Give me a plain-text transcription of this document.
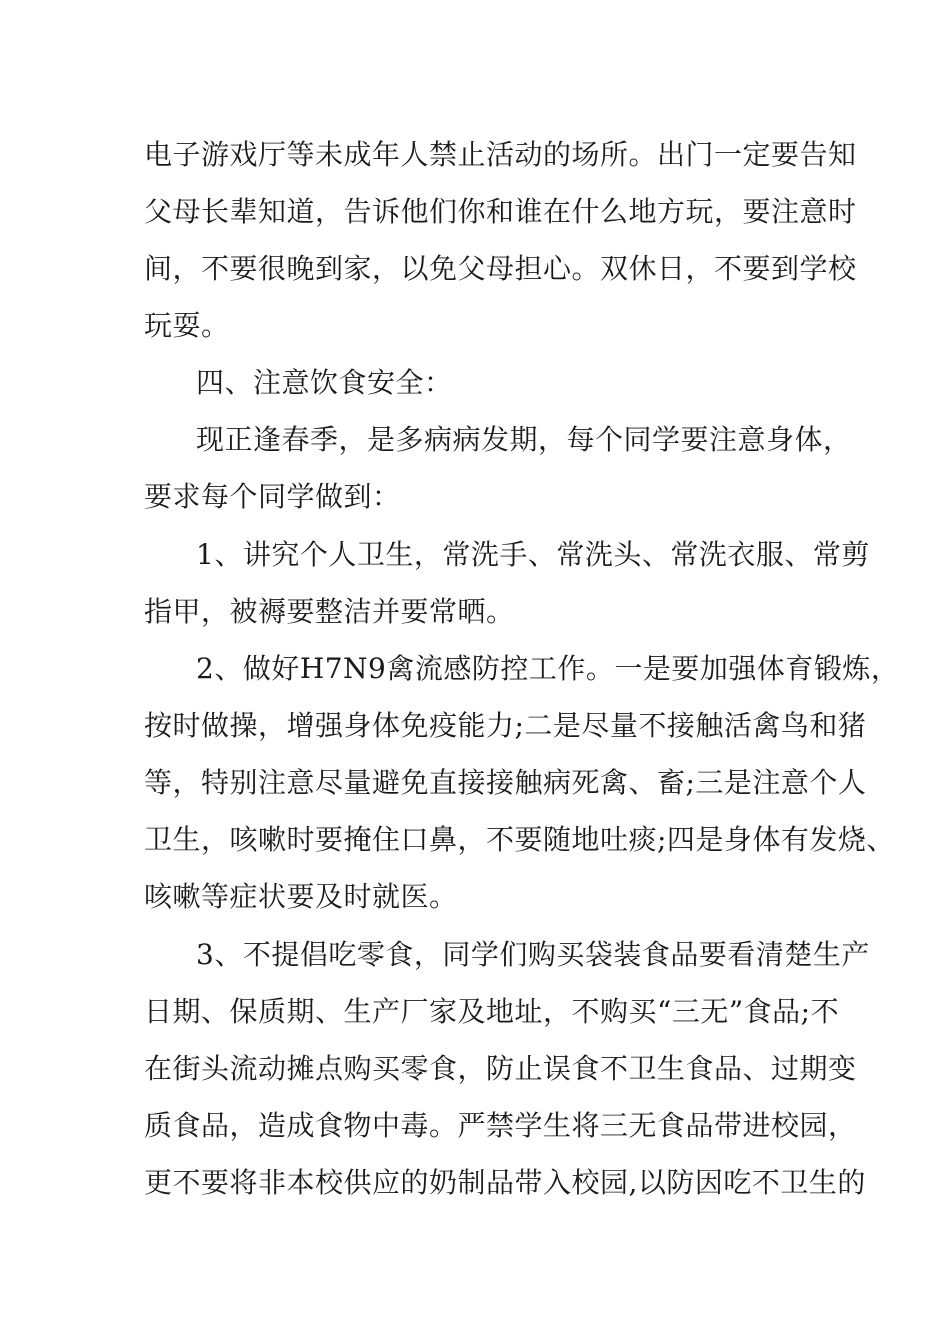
电子游戏厅等未成年人禁止活动的场所。出门一定要告知
父母长辈知道，告诉他们你和谁在什么地方玩，要注意时
间，不要很晚到家，以免父母担心。双休日，不要到学校
玩耍。
四、注意饮食安全：
现正逢春季，是多病病发期，每个同学要注意身体，
要求每个同学做到：
1、讲究个人卫生，常洗手、常洗头、常洗衣服、常剪
指甲，被褥要整洁并要常晒。
2、做好H7N9禽流感防控工作。一是要加强体育锻炼，
按时做操，增强身体免疫能力;二是尽量不接触活禽鸟和猪
等，特别注意尽量避免直接接触病死禽、畜;三是注意个人
卫生，咳嗽时要掩住口鼻，不要随地吐痰;四是身体有发烧、
咳嗽等症状要及时就医。
3、不提倡吃零食，同学们购买袋装食品要看清楚生产
日期、保质期、生产厂家及地址，不购买“三无”食品;不
在街头流动摊点购买零食，防止误食不卫生食品、过期变
质食品，造成食物中毒。严禁学生将三无食品带进校园，
更不要将非本校供应的奶制品带入校园,以防因吃不卫生的
